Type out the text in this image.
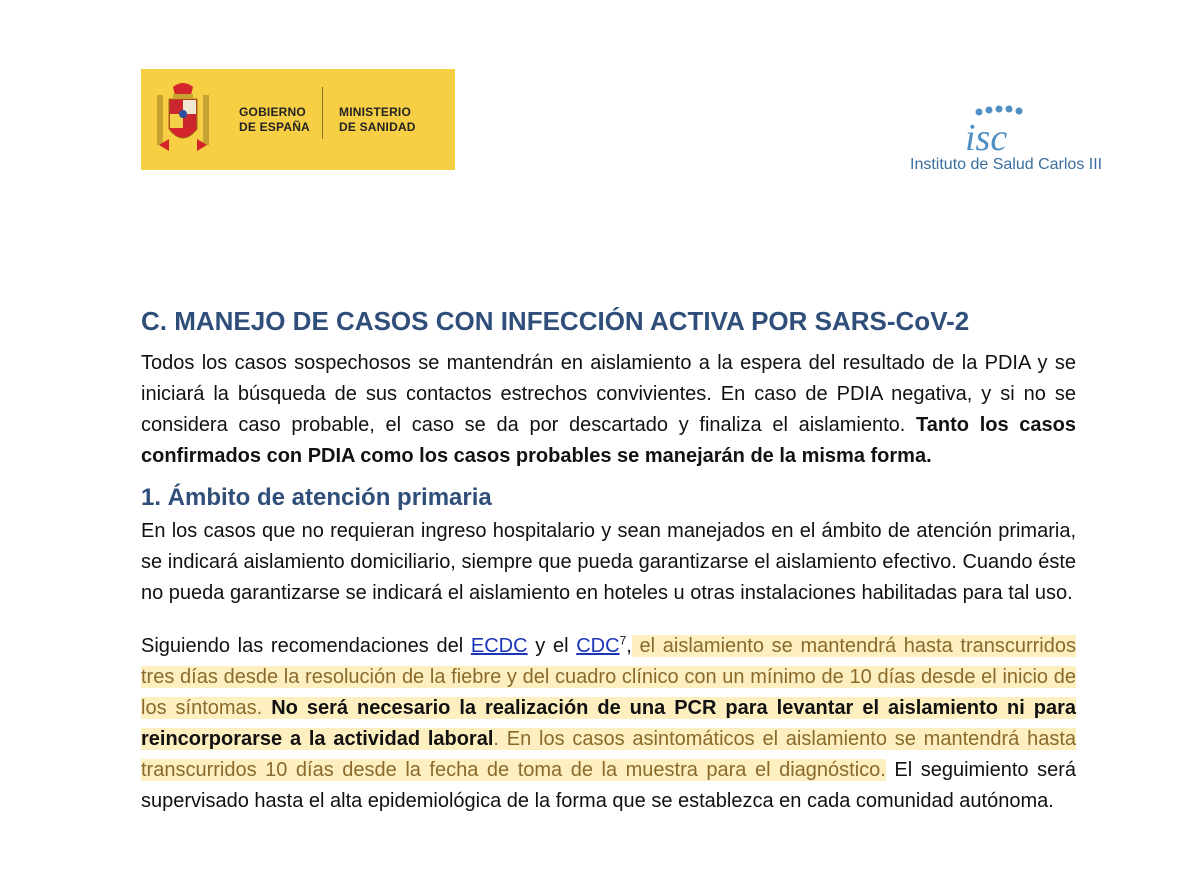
GOBIERNO
DE ESPAÑA
MINISTERIO
DE SANIDAD	isc
Instituto de Salud Carlos III
C. MANEJO DE CASOS CON INFECCIÓN ACTIVA POR SARS-CoV-2

Todos los casos sospechosos se mantendrán en aislamiento a la espera del resultado de la PDIA y se iniciará la búsqueda de sus contactos estrechos convivientes. En caso de PDIA negativa, y si no se considera caso probable, el caso se da por descartado y finaliza el aislamiento. Tanto los casos confirmados con PDIA como los casos probables se manejarán de la misma forma.

1. Ámbito de atención primaria

En los casos que no requieran ingreso hospitalario y sean manejados en el ámbito de atención primaria, se indicará aislamiento domiciliario, siempre que pueda garantizarse el aislamiento efectivo. Cuando éste no pueda garantizarse se indicará el aislamiento en hoteles u otras instalaciones habilitadas para tal uso.

Siguiendo las recomendaciones del ECDC y el CDC$^7$, el aislamiento se mantendrá hasta transcurridos tres días desde la resolución de la fiebre y del cuadro clínico con un mínimo de 10 días desde el inicio de los síntomas. No será necesario la realización de una PCR para levantar el aislamiento ni para reincorporarse a la actividad laboral. En los casos asintomáticos el aislamiento se mantendrá hasta transcurridos 10 días desde la fecha de toma de la muestra para el diagnóstico. El seguimiento será supervisado hasta el alta epidemiológica de la forma que se establezca en cada comunidad autónoma.
